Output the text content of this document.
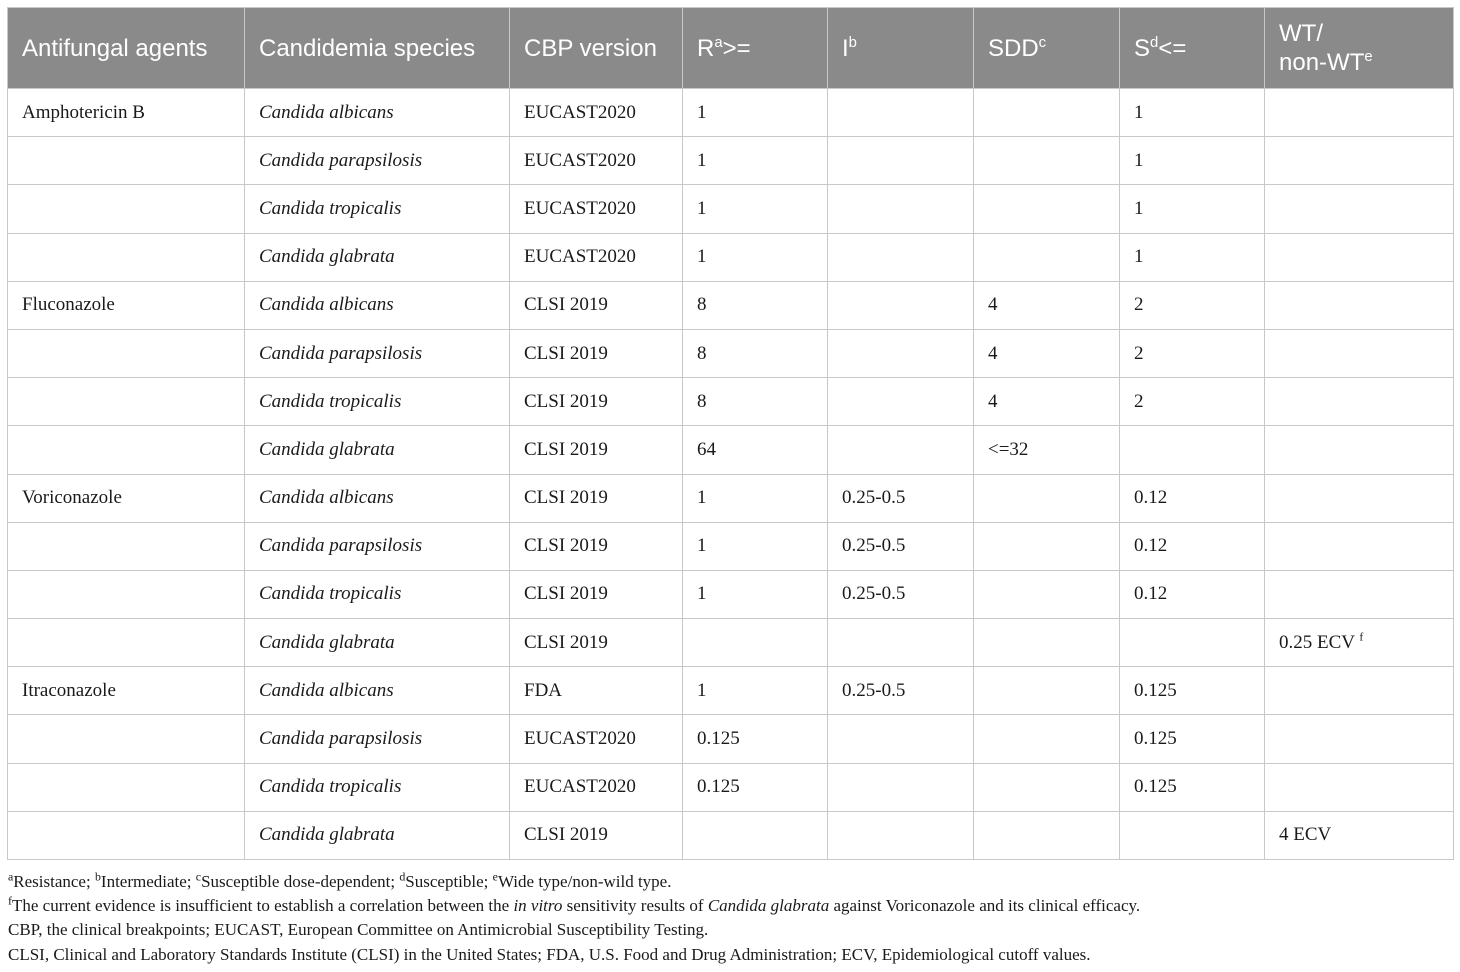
Antifungal agents	Candidemia species	CBP version	$R^a>=$	$I^b$	SDD$^c$	$S^d<=$	WT/
non-$WT^e$
Amphotericin B	Candida albicans	EUCAST2020	1			1	
	Candida parapsilosis	EUCAST2020	1			1	
	Candida tropicalis	EUCAST2020	1			1	
	Candida glabrata	EUCAST2020	1			1	
Fluconazole	Candida albicans	CLSI 2019	8		4	2	
	Candida parapsilosis	CLSI 2019	8		4	2	
	Candida tropicalis	CLSI 2019	8		4	2	
	Candida glabrata	CLSI 2019	64		<=32		
Voriconazole	Candida albicans	CLSI 2019	1	0.25-0.5		0.12	
	Candida parapsilosis	CLSI 2019	1	0.25-0.5		0.12	
	Candida tropicalis	CLSI 2019	1	0.25-0.5		0.12	
	Candida glabrata	CLSI 2019					0.25 ECV $^f$
Itraconazole	Candida albicans	FDA	1	0.25-0.5		0.125	
	Candida parapsilosis	EUCAST2020	0.125			0.125	
	Candida tropicalis	EUCAST2020	0.125			0.125	
	Candida glabrata	CLSI 2019					4 ECV

$^a$Resistance; $^b$Intermediate; $^c$Susceptible dose-dependent; $^d$Susceptible; $^e$Wide type/non-wild type.

$^f$The current evidence is insufficient to establish a correlation between the in vitro sensitivity results of Candida glabrata against Voriconazole and its clinical efficacy.

CBP, the clinical breakpoints; EUCAST, European Committee on Antimicrobial Susceptibility Testing.

CLSI, Clinical and Laboratory Standards Institute (CLSI) in the United States; FDA, U.S. Food and Drug Administration; ECV, Epidemiological cutoff values.
